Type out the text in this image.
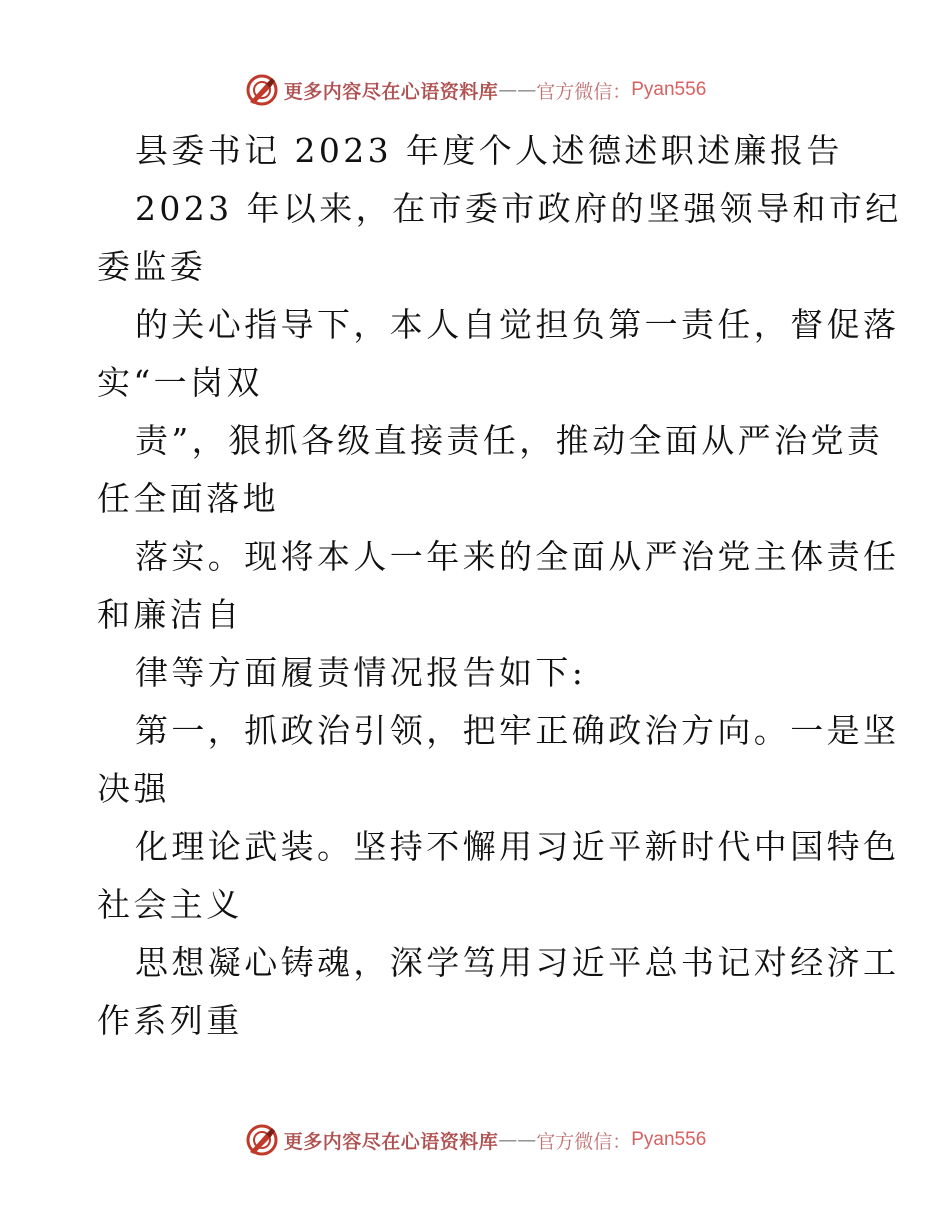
更多内容尽在心语资料库 —— 官方微信： Pyan556
县委书记 2023 年度个人述德述职述廉报告
2023 年以来，在市委市政府的坚强领导和市纪
委监委
的关心指导下，本人自觉担负第一责任，督促落
实“一岗双
责”，狠抓各级直接责任，推动全面从严治党责
任全面落地
落实。现将本人一年来的全面从严治党主体责任
和廉洁自
律等方面履责情况报告如下:
第一，抓政治引领，把牢正确政治方向。一是坚
决强
化理论武装。坚持不懈用习近平新时代中国特色
社会主义
思想凝心铸魂，深学笃用习近平总书记对经济工
作系列重
更多内容尽在心语资料库 —— 官方微信： Pyan556
